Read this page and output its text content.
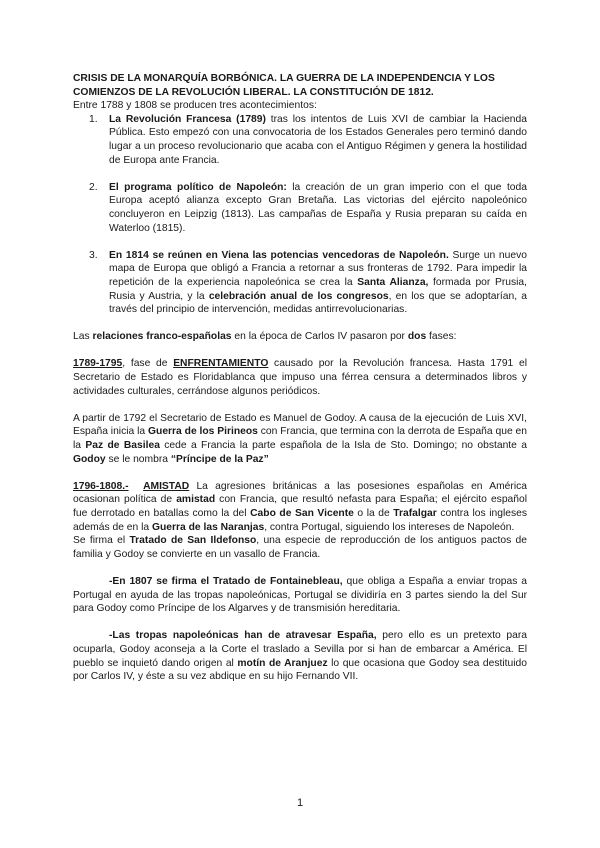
CRISIS DE LA MONARQUÍA BORBÓNICA. LA GUERRA DE LA INDEPENDENCIA Y LOS
COMIENZOS DE LA REVOLUCIÓN LIBERAL. LA CONSTITUCIÓN DE 1812.

Entre 1788 y 1808 se producen tres acontecimientos:

1. La Revolución Francesa (1789) tras los intentos de Luis XVI de cambiar la Hacienda Pública. Esto empezó con una convocatoria de los Estados Generales pero terminó dando lugar a un proceso revolucionario que acaba con el Antiguo Régimen y genera la hostilidad de Europa ante Francia.
2. El programa político de Napoleón: la creación de un gran imperio con el que toda Europa aceptó alianza excepto Gran Bretaña. Las victorias del ejército napoleónico concluyeron en Leipzig (1813). Las campañas de España y Rusia preparan su caída en Waterloo (1815).
3. En 1814 se reúnen en Viena las potencias vencedoras de Napoleón. Surge un nuevo mapa de Europa que obligó a Francia a retornar a sus fronteras de 1792. Para impedir la repetición de la experiencia napoleónica se crea la Santa Alianza, formada por Prusia, Rusia y Austria, y la celebración anual de los congresos, en los que se adoptarían, a través del principio de intervención, medidas antirrevolucionarias.

Las relaciones franco-españolas en la época de Carlos IV pasaron por dos fases:

1789-1795, fase de ENFRENTAMIENTO causado por la Revolución francesa. Hasta 1791 el Secretario de Estado es Floridablanca que impuso una férrea censura a determinados libros y actividades culturales, cerrándose algunos periódicos.

A partir de 1792 el Secretario de Estado es Manuel de Godoy. A causa de la ejecución de Luis XVI, España inicia la Guerra de los Pirineos con Francia, que termina con la derrota de España que en la Paz de Basilea cede a Francia la parte española de la Isla de Sto. Domingo; no obstante a Godoy se le nombra “Príncipe de la Paz”

1796-1808.- AMISTAD La agresiones británicas a las posesiones españolas en América ocasionan política de amistad con Francia, que resultó nefasta para España; el ejército español fue derrotado en batallas como la del Cabo de San Vicente o la de Trafalgar contra los ingleses además de en la Guerra de las Naranjas, contra Portugal, siguiendo los intereses de Napoleón.

Se firma el Tratado de San Ildefonso, una especie de reproducción de los antiguos pactos de familia y Godoy se convierte en un vasallo de Francia.

-En 1807 se firma el Tratado de Fontainebleau, que obliga a España a enviar tropas a Portugal en ayuda de las tropas napoleónicas, Portugal se dividiría en 3 partes siendo la del Sur para Godoy como Príncipe de los Algarves y de transmisión hereditaria.

-Las tropas napoleónicas han de atravesar España, pero ello es un pretexto para ocuparla, Godoy aconseja a la Corte el traslado a Sevilla por si han de embarcar a América. El pueblo se inquietó dando origen al motín de Aranjuez lo que ocasiona que Godoy sea destituido por Carlos IV, y éste a su vez abdique en su hijo Fernando VII.

1
